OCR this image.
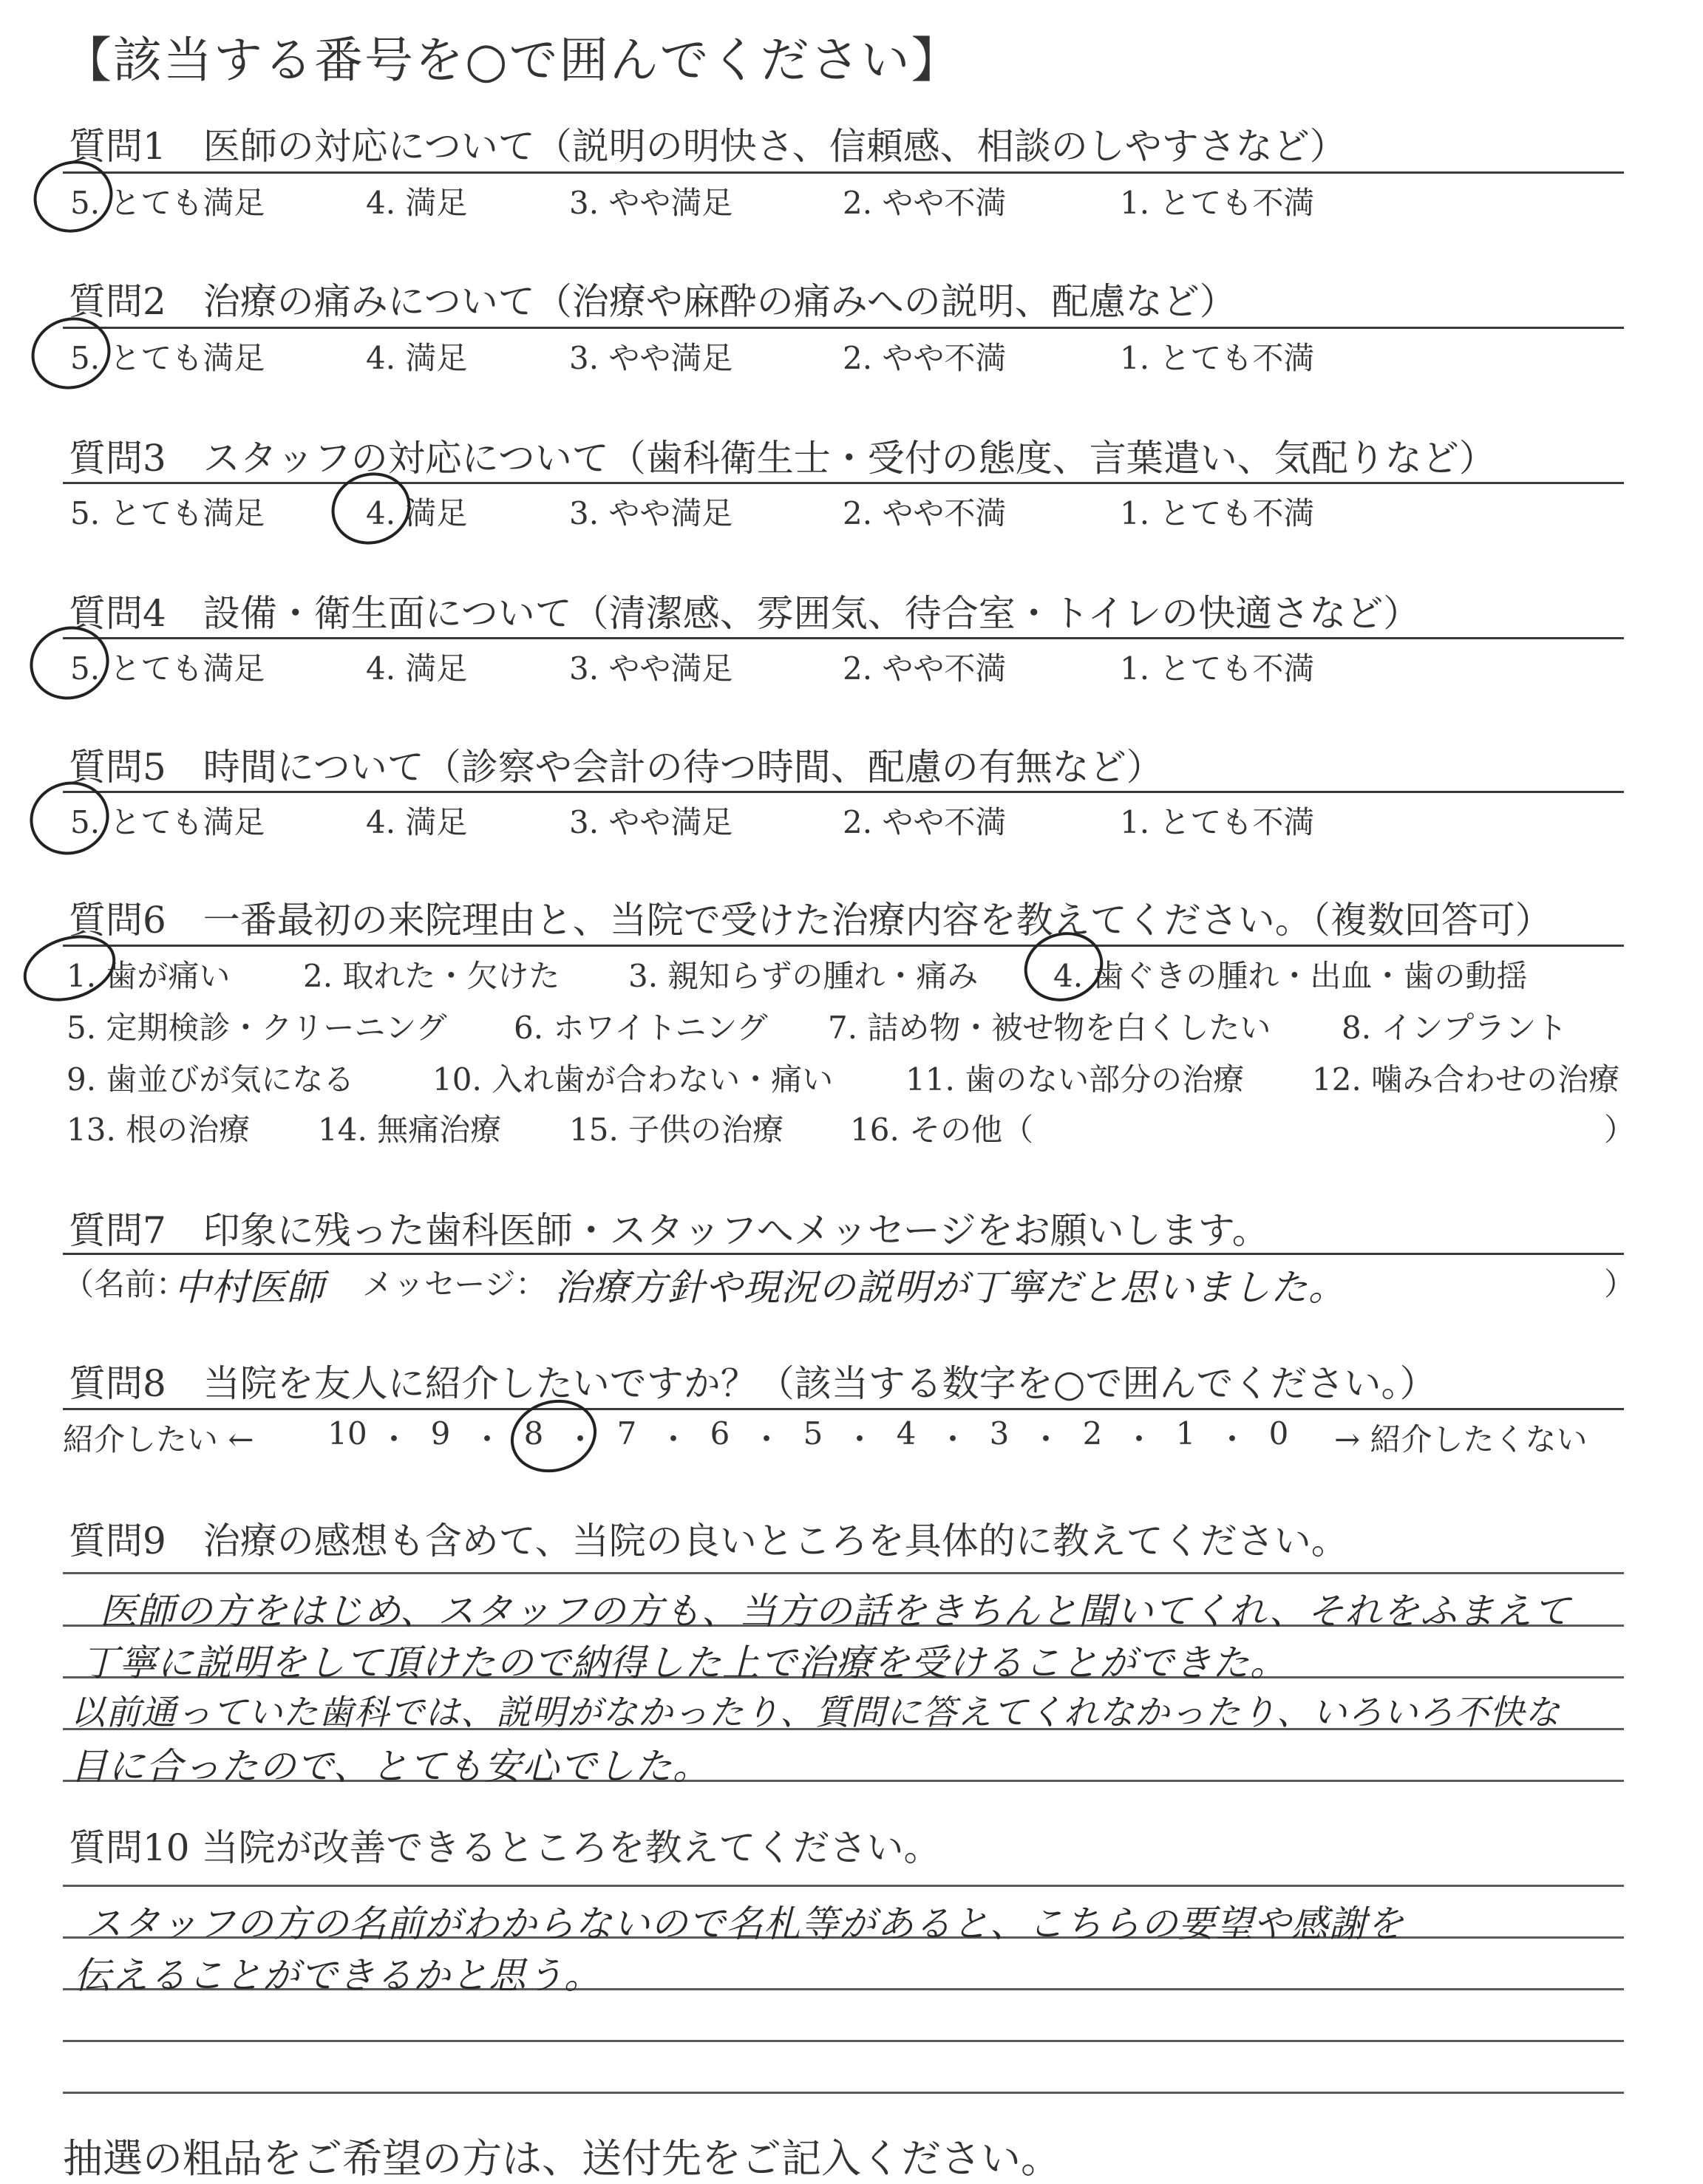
【該当する番号を○で囲んでください】
質問1　医師の対応について（説明の明快さ、信頼感、相談のしやすさなど）
5. とても満足	4. 満足	3. やや満足	2. やや不満	1. とても不満
質問2　治療の痛みについて（治療や麻酔の痛みへの説明、配慮など）
5. とても満足	4. 満足	3. やや満足	2. やや不満	1. とても不満
質問3　スタッフの対応について（歯科衛生士・受付の態度、言葉遣い、気配りなど）
5. とても満足	4. 満足	3. やや満足	2. やや不満	1. とても不満
質問4　設備・衛生面について（清潔感、雰囲気、待合室・トイレの快適さなど）
5. とても満足	4. 満足	3. やや満足	2. やや不満	1. とても不満
質問5　時間について（診察や会計の待つ時間、配慮の有無など）
5. とても満足	4. 満足	3. やや満足	2. やや不満	1. とても不満
質問6　一番最初の来院理由と、当院で受けた治療内容を教えてください。（複数回答可）
1. 歯が痛い 2. 取れた・欠けた 3. 親知らずの腫れ・痛み 4. 歯ぐきの腫れ・出血・歯の動揺
5. 定期検診・クリーニング 6. ホワイトニング 7. 詰め物・被せ物を白くしたい 8. インプラント
9. 歯並びが気になる	10. 入れ歯が合わない・痛い 11. 歯のない部分の治療 12. 噛み合わせの治療
13. 根の治療 14. 無痛治療 15. 子供の治療 16. その他（	）
質問7　印象に残った歯科医師・スタッフへメッセージをお願いします。
（名前：
中村医師 メッセージ： 治療方針や現況の説明が丁寧だと思いました。	）
質問8　当院を友人に紹介したいですか？（該当する数字を○で囲んでください。）
紹介したい ←	→ 紹介したくない
10 ・ 9 ・ 8 ・ 7 ・ 6 ・ 5 ・ 4 ・ 3 ・ 2 ・ 1 ・ 0
質問9　治療の感想も含めて、当院の良いところを具体的に教えてください。
医師の方をはじめ、スタッフの方も、当方の話をきちんと聞いてくれ、それをふまえて
丁寧に説明をして頂けたので納得した上で治療を受けることができた。
以前通っていた歯科では、説明がなかったり、質問に答えてくれなかったり、いろいろ不快な
目に合ったので、とても安心でした。
質問10 当院が改善できるところを教えてください。
スタッフの方の名前がわからないので名札等があると、こちらの要望や感謝を
伝えることができるかと思う。
抽選の粗品をご希望の方は、送付先をご記入ください。
